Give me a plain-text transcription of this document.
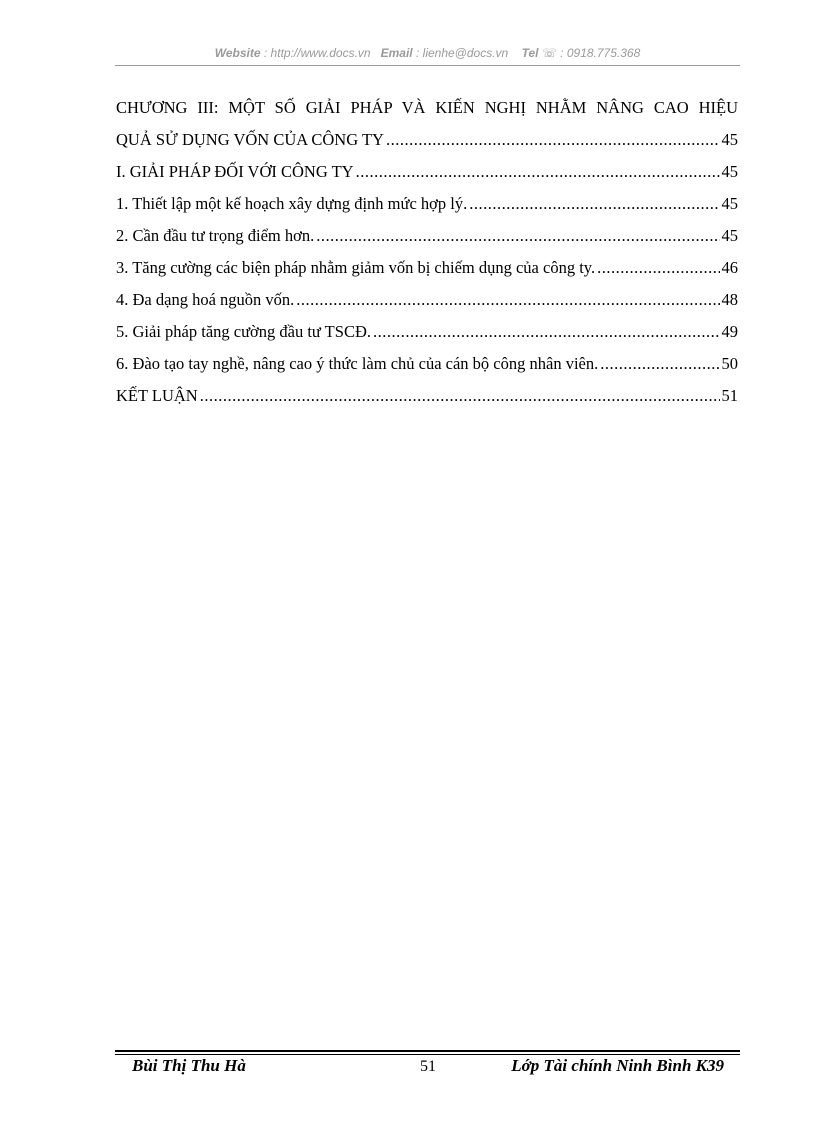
Website : http://www.docs.vn Email : lienhe@docs.vn Tel ☏ : 0918.775.368
CHƯƠNG III: MỘT SỐ GIẢI PHÁP VÀ KIẾN NGHỊ NHẰM NÂNG CAO HIỆU
QUẢ SỬ DỤNG VỐN CỦA CÔNG TY .....	45
I. GIẢI PHÁP ĐỐI VỚI CÔNG TY .....	45
1. Thiết lập một kế hoạch xây dựng định mức hợp lý. .....	45
2. Cần đầu tư trọng điểm hơn. .....	45
3. Tăng cường các biện pháp nhằm giảm vốn bị chiếm dụng của công ty. .....	46
4. Đa dạng hoá nguồn vốn. .....	48
5. Giải pháp tăng cường đầu tư TSCĐ. .....	49
6. Đào tạo tay nghề, nâng cao ý thức làm chủ của cán bộ công nhân viên. .....	50
KẾT LUẬN .....	51
Bùi Thị Thu Hà	51	Lớp Tài chính Ninh Bình K39
